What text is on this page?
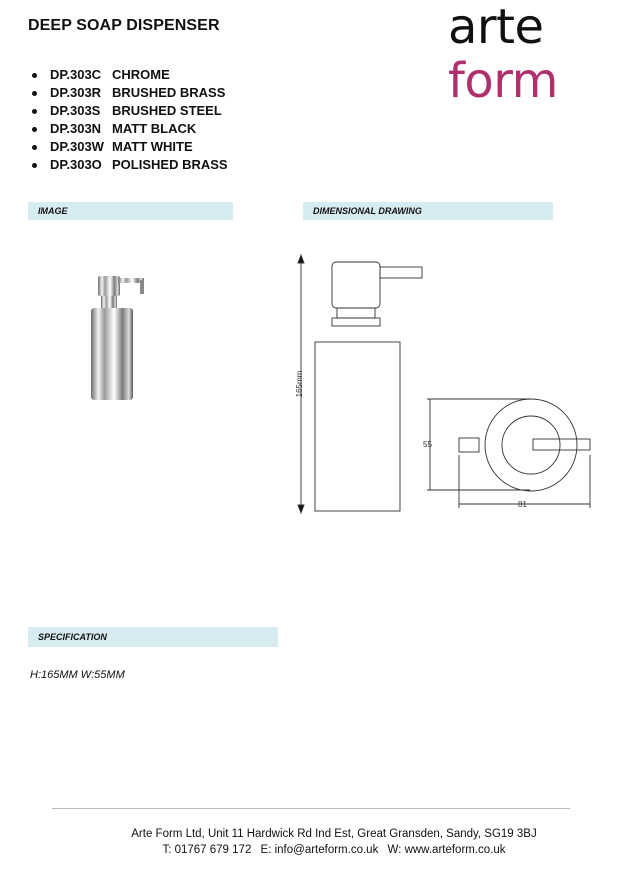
DEEP SOAP DISPENSER	arte
form
DP.303C CHROME
DP.303R BRUSHED BRASS
DP.303S BRUSHED STEEL
DP.303N MATT BLACK
DP.303W MATT WHITE
DP.303O POLISHED BRASS
IMAGE	DIMENSIONAL DRAWING
165mm
55
81
SPECIFICATION
H:165MM W:55MM
Arte Form Ltd, Unit 11 Hardwick Rd Ind Est, Great Gransden, Sandy, SG19 3BJ
T: 01767 679 172 E: info@arteform.co.uk W: www.arteform.co.uk
